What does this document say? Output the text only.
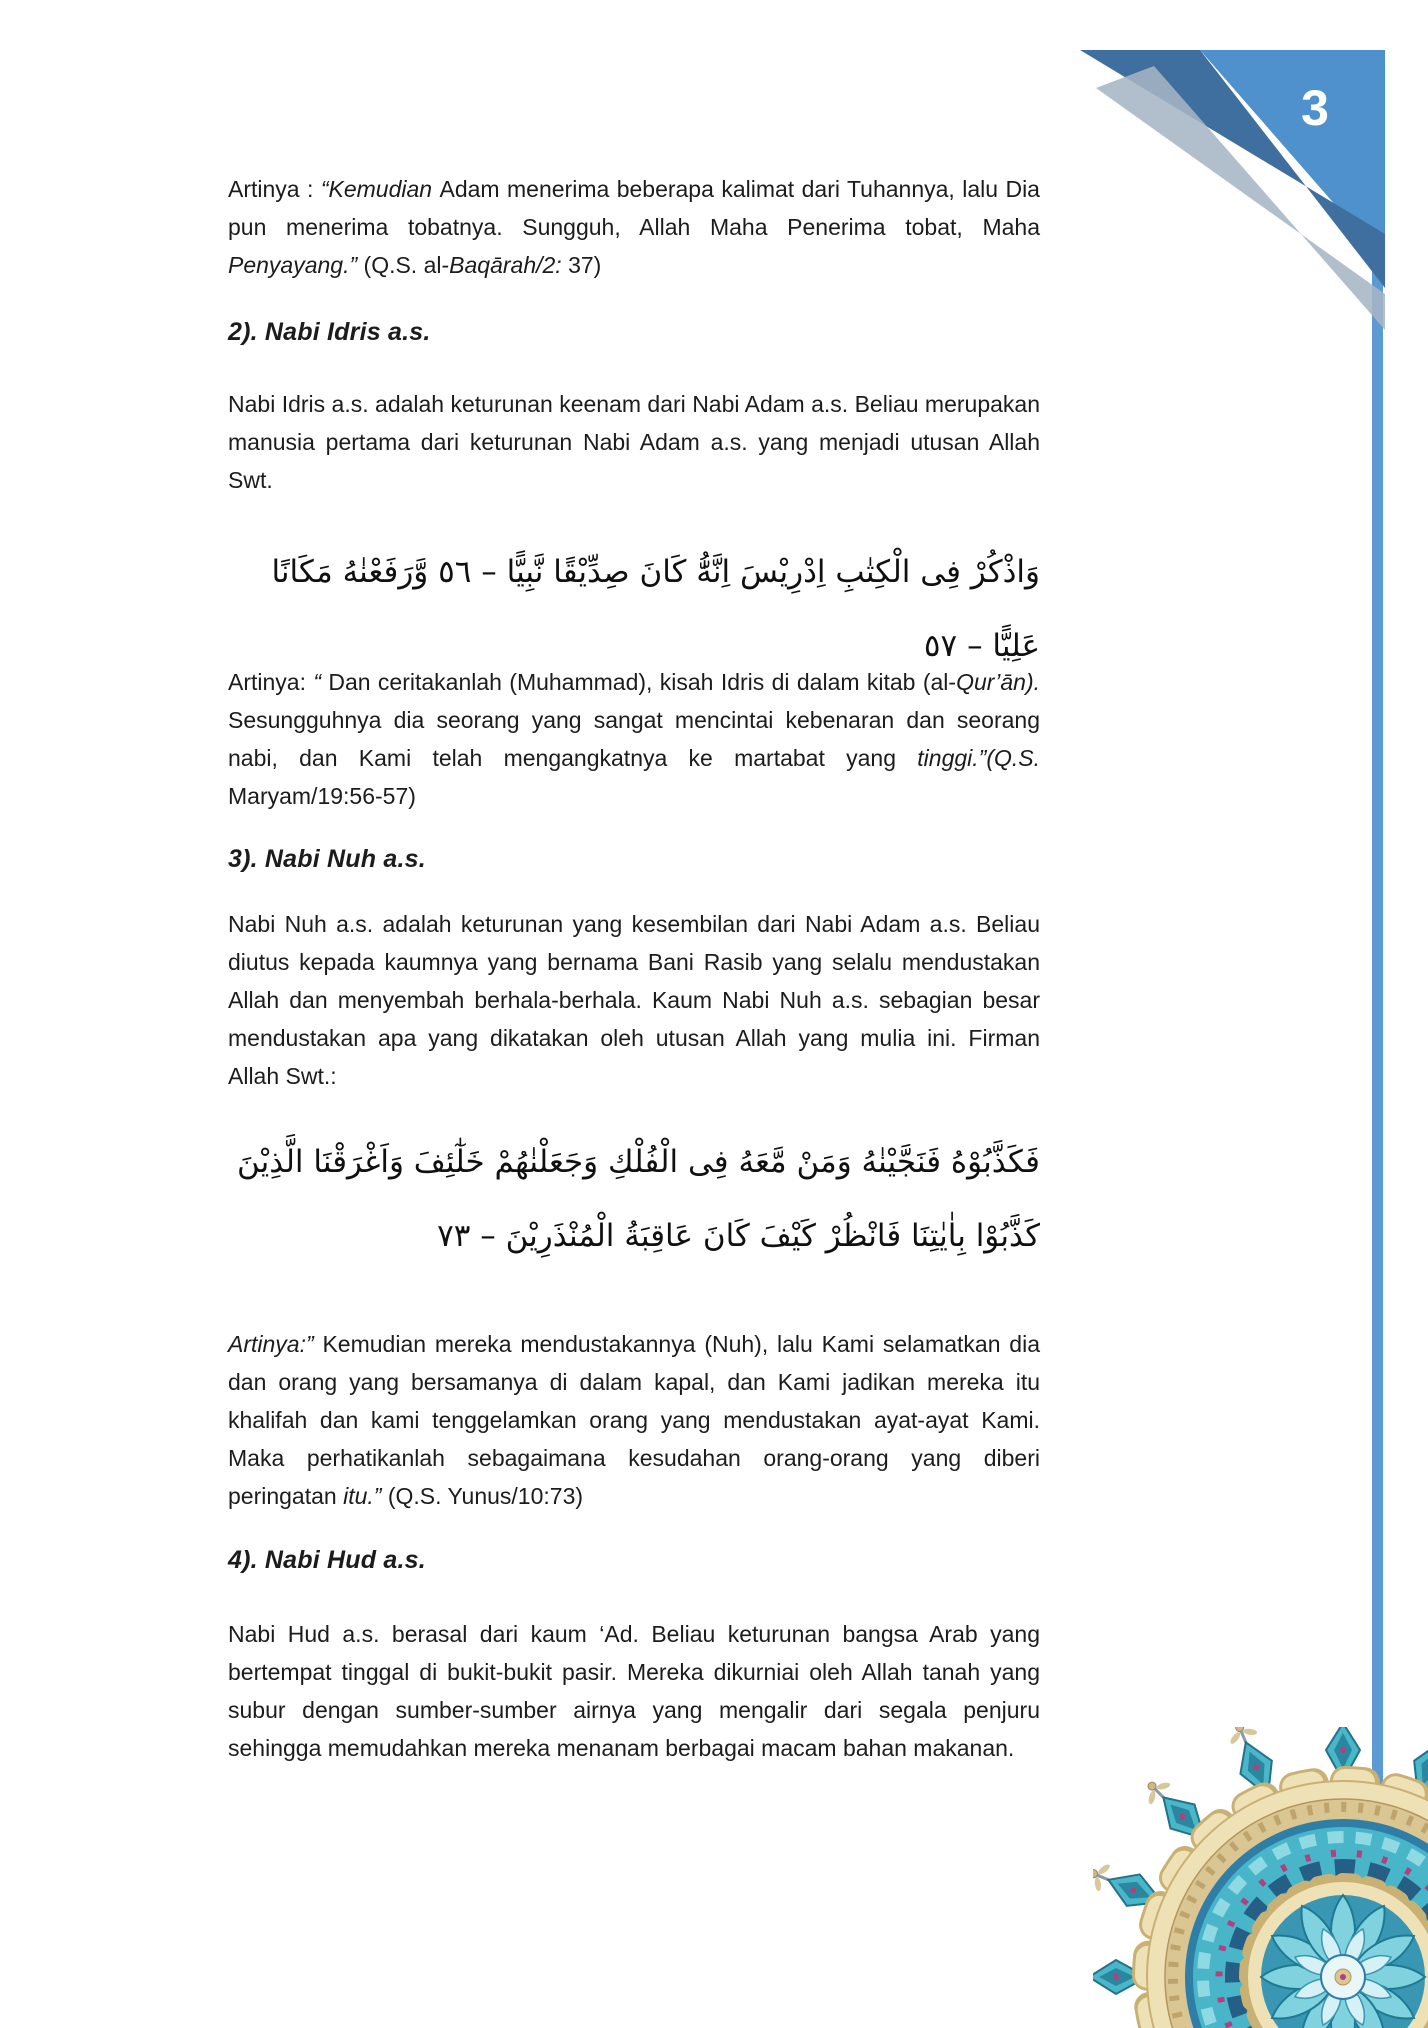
3

Artinya : “Kemudian Adam menerima beberapa kalimat dari Tuhannya, lalu Dia pun menerima tobatnya. Sungguh, Allah Maha Penerima tobat, Maha Penyayang.” (Q.S. al-Baqārah/2: 37)

2). Nabi Idris a.s.

Nabi Idris a.s. adalah keturunan keenam dari Nabi Adam a.s. Beliau merupakan manusia pertama dari keturunan Nabi Adam a.s. yang menjadi utusan Allah Swt.

وَاذْكُرْ فِى الْكِتٰبِ اِدْرِيْسَ اِنَّهُّٰ كَانَ صِدِّيْقًا نَّبِيًّا – ٥٦ وَّرَفَعْنٰهُ مَكَانًا عَلِيًّا – ٥٧

Artinya: “ Dan ceritakanlah (Muhammad), kisah Idris di dalam kitab (al-Qur’ān). Sesungguhnya dia seorang yang sangat mencintai kebenaran dan seorang nabi, dan Kami telah mengangkatnya ke martabat yang tinggi.”(Q.S. Maryam/19:56-57)

3). Nabi Nuh a.s.

Nabi Nuh a.s. adalah keturunan yang kesembilan dari Nabi Adam a.s. Beliau diutus kepada kaumnya yang bernama Bani Rasib yang selalu mendustakan Allah dan menyembah berhala-berhala. Kaum Nabi Nuh a.s. sebagian besar mendustakan apa yang dikatakan oleh utusan Allah yang mulia ini. Firman Allah Swt.:

فَكَذَّبُوْهُ فَنَجَّيْنٰهُ وَمَنْ مَّعَهُ فِى الْفُلْكِ وَجَعَلْنٰهُمْ خَلٰٓئِفَ وَاَغْرَقْنَا الَّذِيْنَ
كَذَّبُوْا بِاٰيٰتِنَا فَانْظُرْ كَيْفَ كَانَ عَاقِبَةُ الْمُنْذَرِيْنَ – ٧٣

Artinya:” Kemudian mereka mendustakannya (Nuh), lalu Kami selamatkan dia dan orang yang bersamanya di dalam kapal, dan Kami jadikan mereka itu khalifah dan kami tenggelamkan orang yang mendustakan ayat-ayat Kami. Maka perhatikanlah sebagaimana kesudahan orang-orang yang diberi peringatan itu.” (Q.S. Yunus/10:73)

4). Nabi Hud a.s.

Nabi Hud a.s. berasal dari kaum ‘Ad. Beliau keturunan bangsa Arab yang bertempat tinggal di bukit-bukit pasir. Mereka dikurniai oleh Allah tanah yang subur dengan sumber-sumber airnya yang mengalir dari segala penjuru sehingga memudahkan mereka menanam berbagai macam bahan makanan.
